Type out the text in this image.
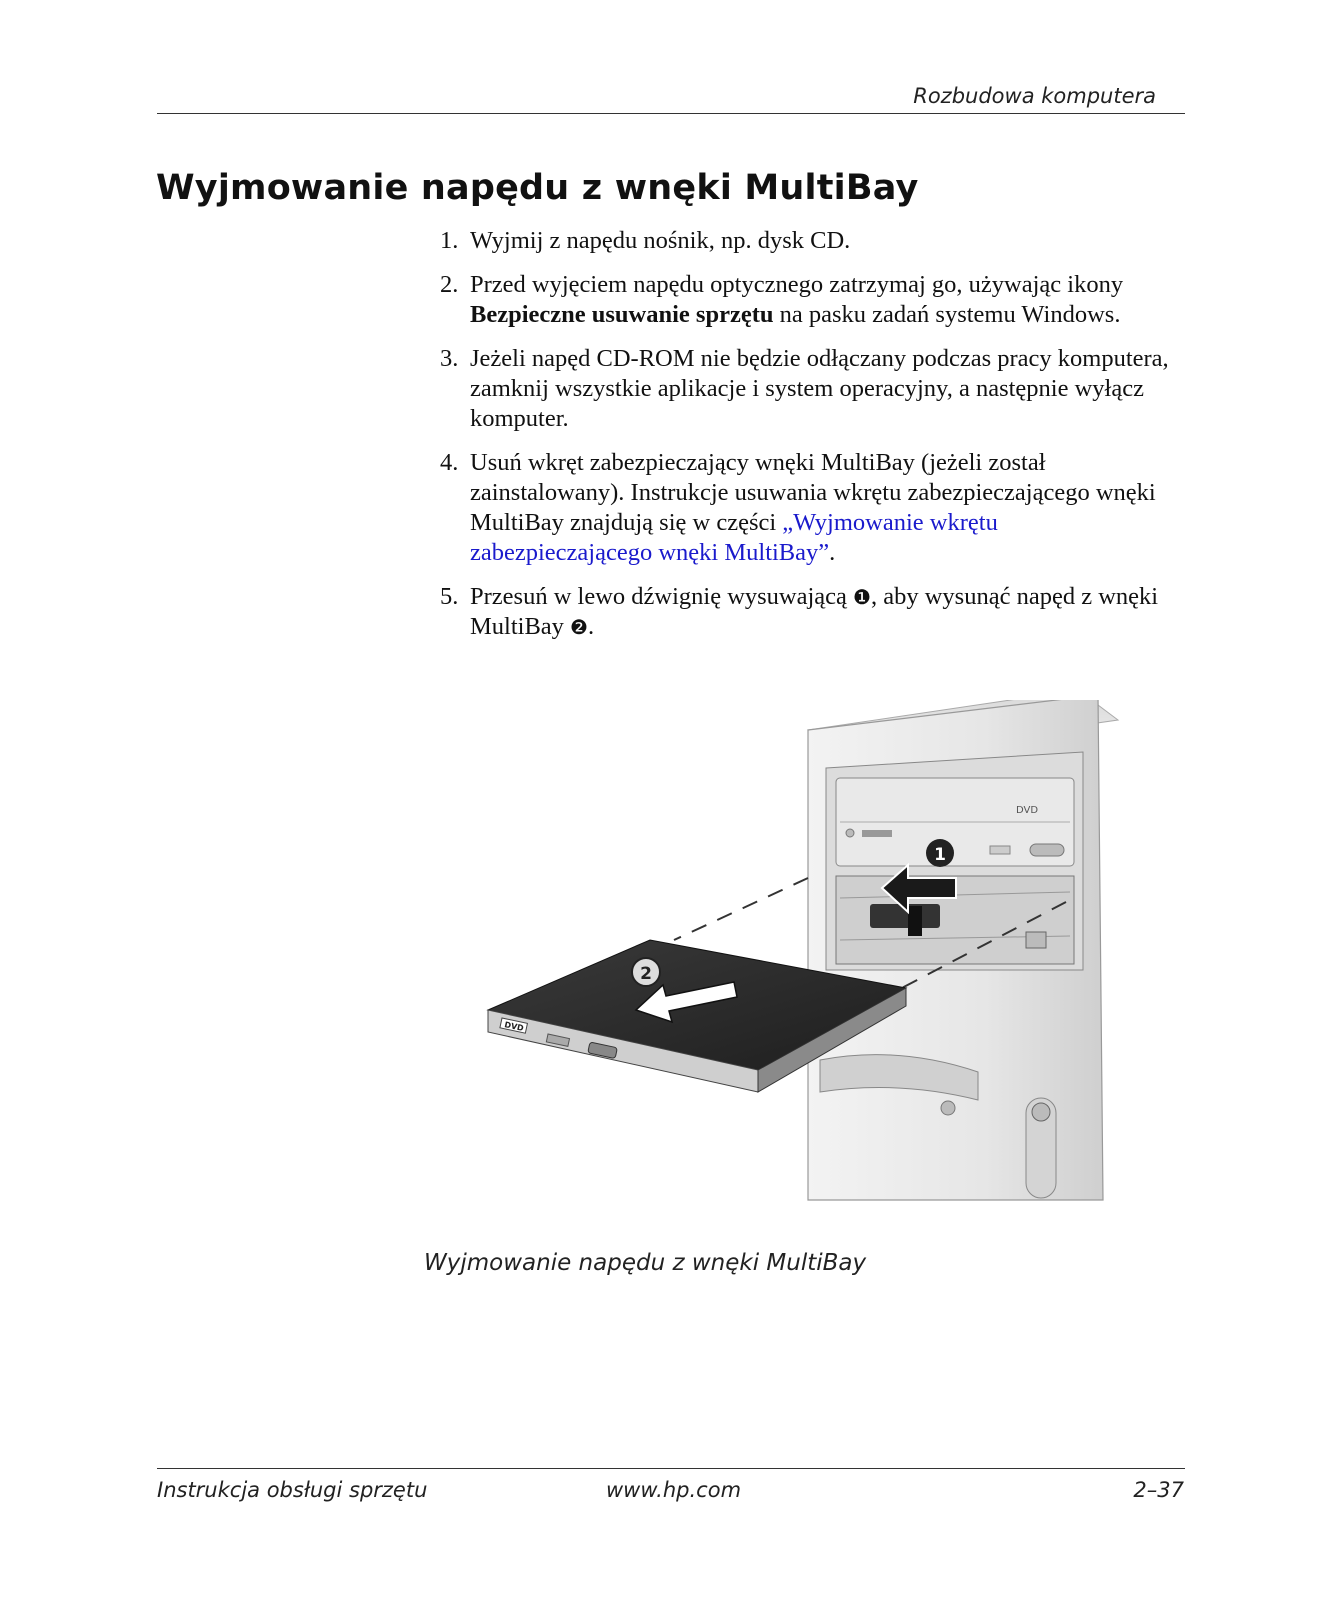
Rozbudowa komputera
Wyjmowanie napędu z wnęki MultiBay
1. Wyjmij z napędu nośnik, np. dysk CD.
2. Przed wyjęciem napędu optycznego zatrzymaj go, używając ikony Bezpieczne usuwanie sprzętu na pasku zadań systemu Windows.
3. Jeżeli napęd CD-ROM nie będzie odłączany podczas pracy komputera, zamknij wszystkie aplikacje i system operacyjny, a następnie wyłącz komputer.
4. Usuń wkręt zabezpieczający wnęki MultiBay (jeżeli został zainstalowany). Instrukcje usuwania wkrętu zabezpieczającego wnęki MultiBay znajdują się w części „Wyjmowanie wkrętu zabezpieczającego wnęki MultiBay”.
5. Przesuń w lewo dźwignię wysuwającą ❶, aby wysunąć napęd z wnęki MultiBay ❷.
DVD
1
DVD
2
Wyjmowanie napędu z wnęki MultiBay
Instrukcja obsługi sprzętu	www.hp.com	2–37
